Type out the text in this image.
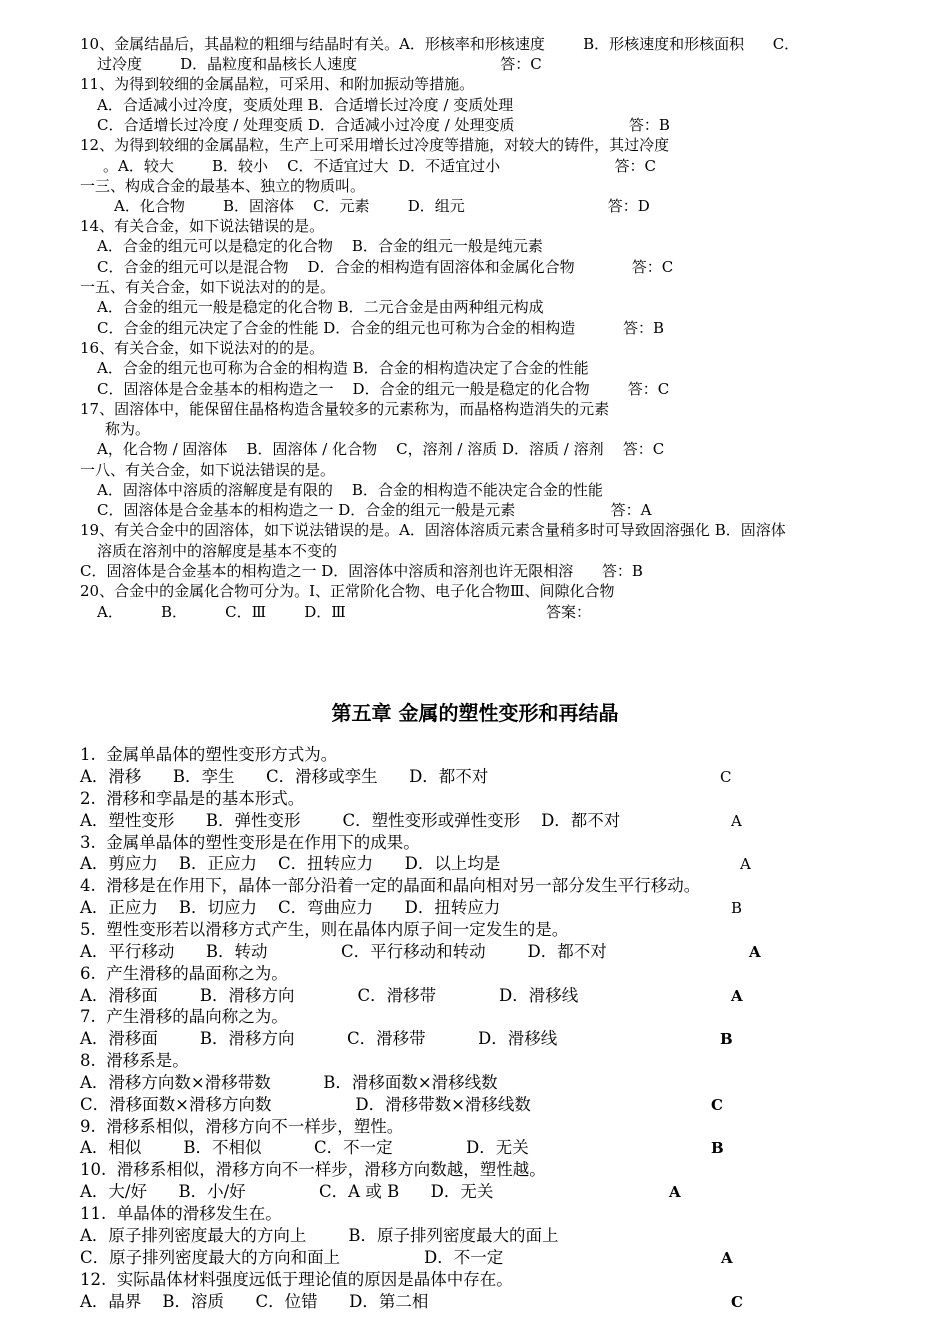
10、金属结晶后，其晶粒的粗细与结晶时有关。A．形核率和形核速度        B．形核速度和形核面积      C．
过冷度        D．晶粒度和晶核长人速度                              答：C
11、为得到较细的金属晶粒，可采用、和附加振动等措施。
A．合适减小过冷度，变质处理 B．合适增长过冷度 / 变质处理
C．合适增长过冷度 / 处理变质 D．合适减小过冷度 / 处理变质                        答：B
12、为得到较细的金属晶粒，生产上可采用增长过冷度等措施，对较大的铸件，其过冷度
。A．较大        B．较小    C．不适宜过大  D．不适宜过小                        答：C
一三、构成合金的最基本、独立的物质叫。
A．化合物        B．固溶体    C．元素        D．组元                              答：D
14、有关合金，如下说法错误的是。
A．合金的组元可以是稳定的化合物    B．合金的组元一般是纯元素
C．合金的组元可以是混合物    D．合金的相构造有固溶体和金属化合物            答：C
一五、有关合金，如下说法对的的是。
A．合金的组元一般是稳定的化合物 B．二元合金是由两种组元构成
C．合金的组元决定了合金的性能 D．合金的组元也可称为合金的相构造          答：B
16、有关合金，如下说法对的的是。
A．合金的组元也可称为合金的相构造 B．合金的相构造决定了合金的性能
C．固溶体是合金基本的相构造之一    D．合金的组元一般是稳定的化合物        答：C
17、固溶体中，能保留住晶格构造含量较多的元素称为，而晶格构造消失的元素
称为。
A，化合物 / 固溶体    B．固溶体 / 化合物    C，溶剂 / 溶质 D．溶质 / 溶剂    答：C
一八、有关合金，如下说法错误的是。
A．固溶体中溶质的溶解度是有限的    B．合金的相构造不能决定合金的性能
C．固溶体是合金基本的相构造之一 D．合金的组元一般是元素                    答：A
19、有关合金中的固溶体，如下说法错误的是。A．固溶体溶质元素含量稍多时可导致固溶强化 B．固溶体
溶质在溶剂中的溶解度是基本不变的
C．固溶体是合金基本的相构造之一 D．固溶体中溶质和溶剂也许无限相溶      答：B
20、合金中的金属化合物可分为。I、正常阶化合物、电子化合物Ⅲ、间隙化合物
A．        B．        C．Ⅲ        D．Ⅲ                                          答案：
第五章 金属的塑性变形和再结晶
1.  金属单晶体的塑性变形方式为。
A．滑移      B．孪生      C．滑移或孪生      D．都不对	C
2.  滑移和孪晶是的基本形式。
A．塑性变形      B．弹性变形        C．塑性变形或弹性变形    D．都不对	A
3.  金属单晶体的塑性变形是在作用下的成果。
A．剪应力    B．正应力    C．扭转应力      D．以上均是	A
4.  滑移是在作用下，晶体一部分沿着一定的晶面和晶向相对另一部分发生平行移动。
A．正应力    B．切应力    C．弯曲应力      D．扭转应力	B
5.  塑性变形若以滑移方式产生，则在晶体内原子间一定发生的是。
A．平行移动      B．转动              C．平行移动和转动        D．都不对	A
6.  产生滑移的晶面称之为。
A．滑移面        B．滑移方向            C．滑移带            D．滑移线	A
7.  产生滑移的晶向称之为。
A．滑移面        B．滑移方向          C．滑移带          D．滑移线	B
8.  滑移系是。
A．滑移方向数×滑移带数          B．滑移面数×滑移线数
C．滑移面数×滑移方向数                D．滑移带数×滑移线数	C
9.  滑移系相似，滑移方向不一样步，塑性。
A．相似        B．不相似          C．不一定              D．无关	B
10.  滑移系相似，滑移方向不一样步，滑移方向数越，塑性越。
A．大/好      B．小/好              C．A 或 B      D．无关	A
11.  单晶体的滑移发生在。
A．原子排列密度最大的方向上        B．原子排列密度最大的面上
C．原子排列密度最大的方向和面上                D．不一定	A
12.  实际晶体材料强度远低于理论值的原因是晶体中存在。
A．晶界    B．溶质      C．位错      D．第二相	C
